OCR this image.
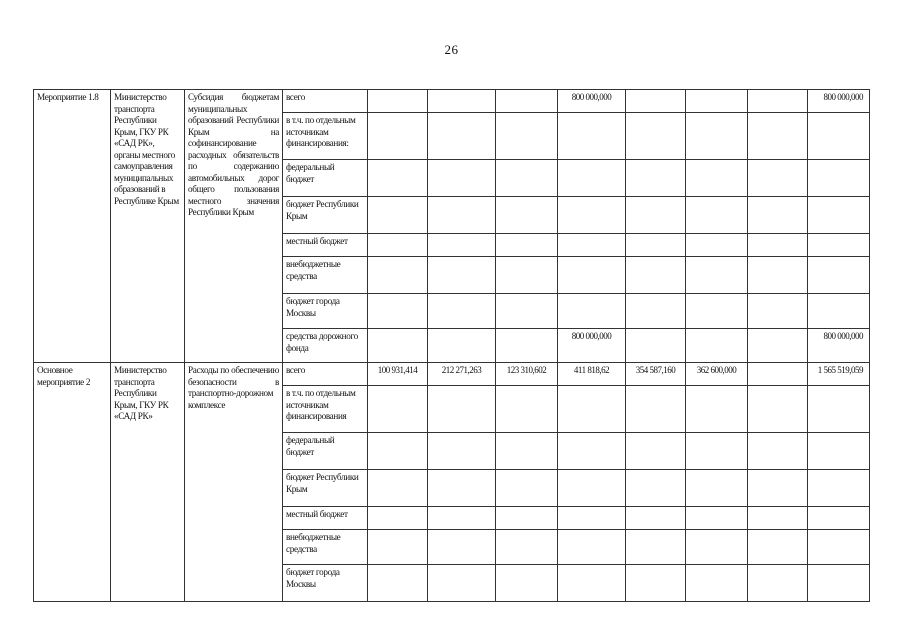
26
Мероприятие 1.8	Министерство транспорта Республики Крым, ГКУ РК «САД РК», органы местного самоуправления муниципальных образований в Республике Крым	Субсидия бюджетам муниципальных образований Республики Крым на софинансирование расходных обязательств по содержанию автомобильных дорог общего пользования местного значения Республики Крым	всего				800 000,000				800 000,000
			в т.ч. по отдельным источникам финансирования:								
			федеральный бюджет								
			бюджет Республики Крым								
			местный бюджет								
			внебюджетные средства								
			бюджет города Москвы								
			средства дорожного фонда				800 000,000				800 000,000
Основное мероприятие 2	Министерство транспорта Республики Крым, ГКУ РК «САД РК»	Расходы по обеспечению безопасности в транспортно-дорожном комплексе	всего	100 931,414	212 271,263	123 310,602	411 818,62	354 587,160	362 600,000		1 565 519,059
			в т.ч. по отдельным источникам финансирования								
			федеральный бюджет								
			бюджет Республики Крым								
			местный бюджет								
			внебюджетные средства								
			бюджет города Москвы								
